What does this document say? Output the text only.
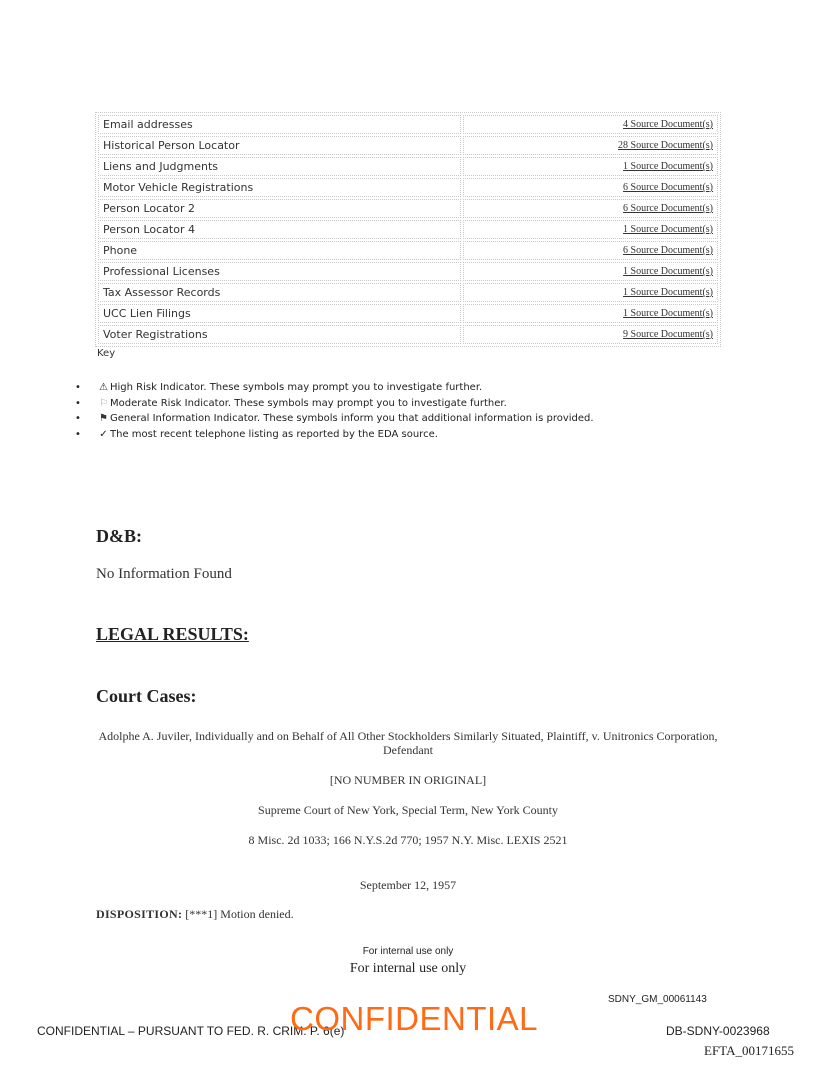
Email addresses	4 Source Document(s)
Historical Person Locator	28 Source Document(s)
Liens and Judgments	1 Source Document(s)
Motor Vehicle Registrations	6 Source Document(s)
Person Locator 2	6 Source Document(s)
Person Locator 4	1 Source Document(s)
Phone	6 Source Document(s)
Professional Licenses	1 Source Document(s)
Tax Assessor Records	1 Source Document(s)
UCC Lien Filings	1 Source Document(s)
Voter Registrations	9 Source Document(s)
Key
• ⚠ High Risk Indicator. These symbols may prompt you to investigate further.
• ⚐ Moderate Risk Indicator. These symbols may prompt you to investigate further.
• ⚑ General Information Indicator. These symbols inform you that additional information is provided.
• ✓ The most recent telephone listing as reported by the EDA source.
D&B:
No Information Found
LEGAL RESULTS:
Court Cases:
Adolphe A. Juviler, Individually and on Behalf of All Other Stockholders Similarly Situated, Plaintiff, v. Unitronics Corporation, Defendant
[NO NUMBER IN ORIGINAL]
Supreme Court of New York, Special Term, New York County
8 Misc. 2d 1033; 166 N.Y.S.2d 770; 1957 N.Y. Misc. LEXIS 2521
September 12, 1957
DISPOSITION: [***1] Motion denied.
For internal use only
For internal use only
SDNY_GM_00061143
CONFIDENTIAL – PURSUANT TO FED. R. CRIM. P. 6(e)
CONFIDENTIAL	DB-SDNY-0023968
EFTA_00171655
